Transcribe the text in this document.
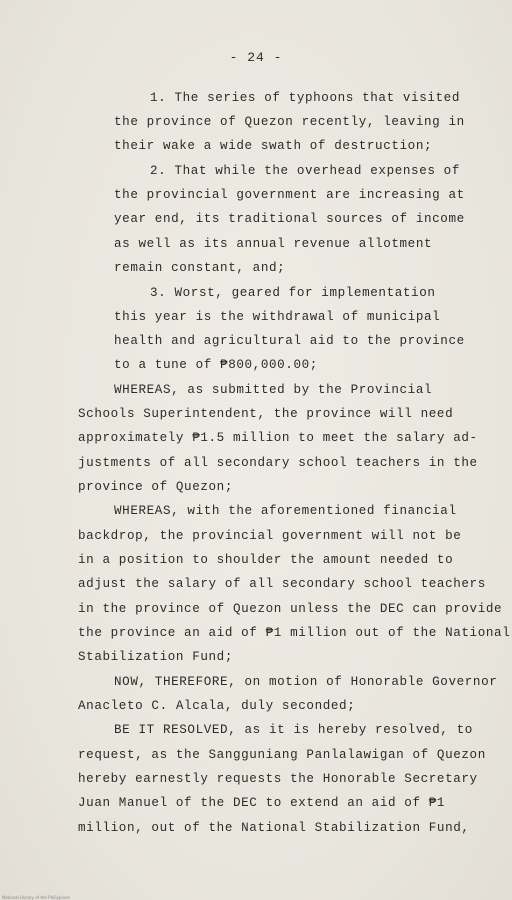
- 24 -
1. The series of typhoons that visited
the province of Quezon recently, leaving in
their wake a wide swath of destruction;
2. That while the overhead expenses of
the provincial government are increasing at
year end, its traditional sources of income
as well as its annual revenue allotment
remain constant, and;
3. Worst, geared for implementation
this year is the withdrawal of municipal
health and agricultural aid to the province
to a tune of ₱800,000.00;
WHEREAS, as submitted by the Provincial
Schools Superintendent, the province will need
approximately ₱1.5 million to meet the salary ad-
justments of all secondary school teachers in the
province of Quezon;
WHEREAS, with the aforementioned financial
backdrop, the provincial government will not be
in a position to shoulder the amount needed to
adjust the salary of all secondary school teachers
in the province of Quezon unless the DEC can provide
the province an aid of ₱1 million out of the National
Stabilization Fund;
NOW, THEREFORE, on motion of Honorable Governor
Anacleto C. Alcala, duly seconded;
BE IT RESOLVED, as it is hereby resolved, to
request, as the Sangguniang Panlalawigan of Quezon
hereby earnestly requests the Honorable Secretary
Juan Manuel of the DEC to extend an aid of ₱1
million, out of the National Stabilization Fund,
National Library of the Philippines
